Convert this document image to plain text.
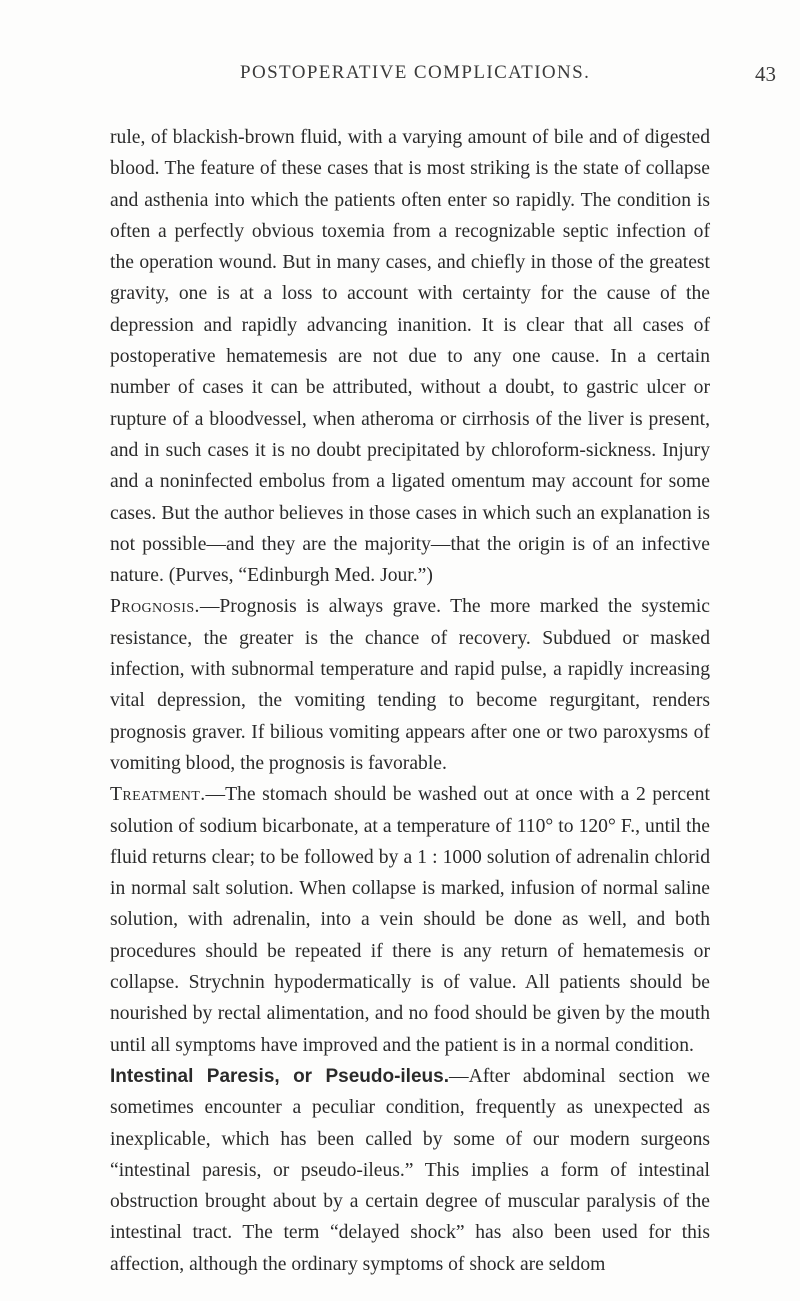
POSTOPERATIVE COMPLICATIONS.	43

rule, of blackish-brown fluid, with a varying amount of bile and of digested blood. The feature of these cases that is most striking is the state of collapse and asthenia into which the patients often enter so rapidly. The condition is often a perfectly obvious toxemia from a recognizable septic infection of the operation wound. But in many cases, and chiefly in those of the greatest gravity, one is at a loss to account with certainty for the cause of the depression and rapidly advancing inanition. It is clear that all cases of postoperative hematemesis are not due to any one cause. In a certain number of cases it can be attributed, without a doubt, to gastric ulcer or rupture of a bloodvessel, when atheroma or cirrhosis of the liver is present, and in such cases it is no doubt precipitated by chloroform-sickness. Injury and a noninfected embolus from a ligated omentum may account for some cases. But the author believes in those cases in which such an explanation is not possible—and they are the majority—that the origin is of an infective nature. (Purves, “Edinburgh Med. Jour.”)

Prognosis.—Prognosis is always grave. The more marked the systemic resistance, the greater is the chance of recovery. Subdued or masked infection, with subnormal temperature and rapid pulse, a rapidly increasing vital depression, the vomiting tending to become regurgitant, renders prognosis graver. If bilious vomiting appears after one or two paroxysms of vomiting blood, the prognosis is favorable.

Treatment.—The stomach should be washed out at once with a 2 percent solution of sodium bicarbonate, at a temperature of 110° to 120° F., until the fluid returns clear; to be followed by a 1 : 1000 solution of adrenalin chlorid in normal salt solution. When collapse is marked, infusion of normal saline solution, with adrenalin, into a vein should be done as well, and both procedures should be repeated if there is any return of hematemesis or collapse. Strychnin hypodermatically is of value. All patients should be nourished by rectal alimentation, and no food should be given by the mouth until all symptoms have improved and the patient is in a normal condition.

Intestinal Paresis, or Pseudo-ileus.—After abdominal section we sometimes encounter a peculiar condition, frequently as unexpected as inexplicable, which has been called by some of our modern surgeons “intestinal paresis, or pseudo-ileus.” This implies a form of intestinal obstruction brought about by a certain degree of muscular paralysis of the intestinal tract. The term “delayed shock” has also been used for this affection, although the ordinary symptoms of shock are seldom
